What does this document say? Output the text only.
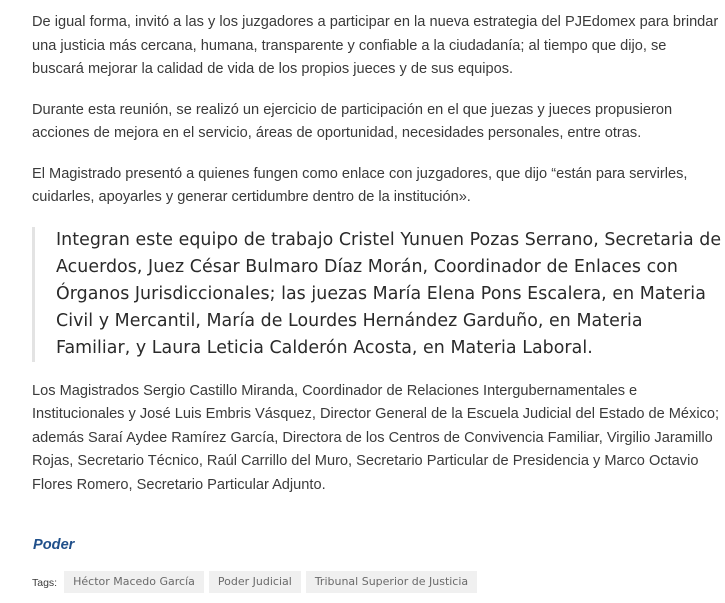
De igual forma, invitó a las y los juzgadores a participar en la nueva estrategia del PJEdomex para brindar una justicia más cercana, humana, transparente y confiable a la ciudadanía; al tiempo que dijo, se buscará mejorar la calidad de vida de los propios jueces y de sus equipos.

Durante esta reunión, se realizó un ejercicio de participación en el que juezas y jueces propusieron acciones de mejora en el servicio, áreas de oportunidad, necesidades personales, entre otras.

El Magistrado presentó a quienes fungen como enlace con juzgadores, que dijo “están para servirles, cuidarles, apoyarles y generar certidumbre dentro de la institución».

Integran este equipo de trabajo Cristel Yunuen Pozas Serrano, Secretaria de Acuerdos, Juez César Bulmaro Díaz Morán, Coordinador de Enlaces con Órganos Jurisdiccionales; las juezas María Elena Pons Escalera, en Materia Civil y Mercantil, María de Lourdes Hernández Garduño, en Materia Familiar, y Laura Leticia Calderón Acosta, en Materia Laboral.

Los Magistrados Sergio Castillo Miranda, Coordinador de Relaciones Intergubernamentales e Institucionales y José Luis Embris Vásquez, Director General de la Escuela Judicial del Estado de México; además Saraí Aydee Ramírez García, Directora de los Centros de Convivencia Familiar, Virgilio Jaramillo Rojas, Secretario Técnico, Raúl Carrillo del Muro, Secretario Particular de Presidencia y Marco Octavio Flores Romero, Secretario Particular Adjunto.

Poder
Tags:	Héctor Macedo García	Poder Judicial	Tribunal Superior de Justicia
